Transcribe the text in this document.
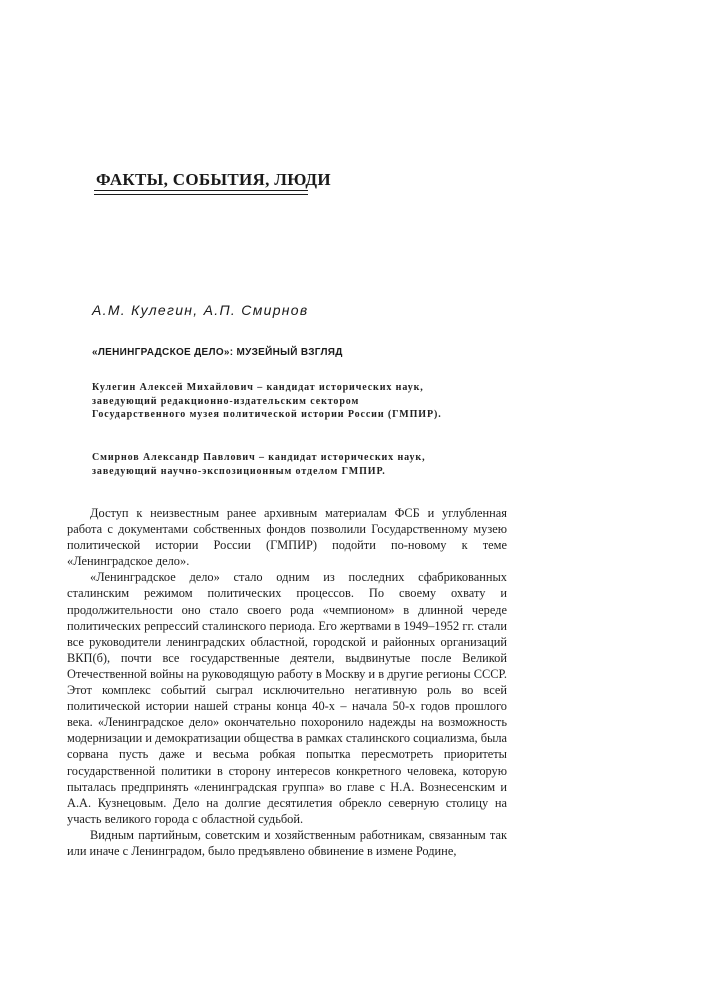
ФАКТЫ, СОБЫТИЯ, ЛЮДИ

А.М. Кулегин, А.П. Смирнов

«ЛЕНИНГРАДСКОЕ ДЕЛО»: МУЗЕЙНЫЙ ВЗГЛЯД
Кулегин Алексей Михайлович – кандидат исторических наук,
заведующий редакционно-издательским сектором
Государственного музея политической истории России (ГМПИР).
Смирнов Александр Павлович – кандидат исторических наук,
заведующий научно-экспозиционным отделом ГМПИР.

Доступ к неизвестным ранее архивным материалам ФСБ и углубленная работа с документами собственных фондов позволили Государственному музею политической истории России (ГМПИР) подойти по-новому к теме «Ленинградское дело».

«Ленинградское дело» стало одним из последних сфабрикованных сталинским режимом политических процессов. По своему охвату и продолжительности оно стало своего рода «чемпионом» в длинной череде политических репрессий сталинского периода. Его жертвами в 1949–1952 гг. стали все руководители ленинградских областной, городской и районных организаций ВКП(б), почти все государственные деятели, выдвинутые после Великой Отечественной войны на руководящую работу в Москву и в другие регионы СССР. Этот комплекс событий сыграл исключительно негативную роль во всей политической истории нашей страны конца 40-х – начала 50-х годов прошлого века. «Ленинградское дело» окончательно похоронило надежды на возможность модернизации и демократизации общества в рамках сталинского социализма, была сорвана пусть даже и весьма робкая попытка пересмотреть приоритеты государственной политики в сторону интересов конкретного человека, которую пыталась предпринять «ленинградская группа» во главе с Н.А. Вознесенским и А.А. Кузнецовым. Дело на долгие десятилетия обрекло северную столицу на участь великого города с областной судьбой.

Видным партийным, советским и хозяйственным работникам, связанным так или иначе с Ленинградом, было предъявлено обвинение в измене Родине,
